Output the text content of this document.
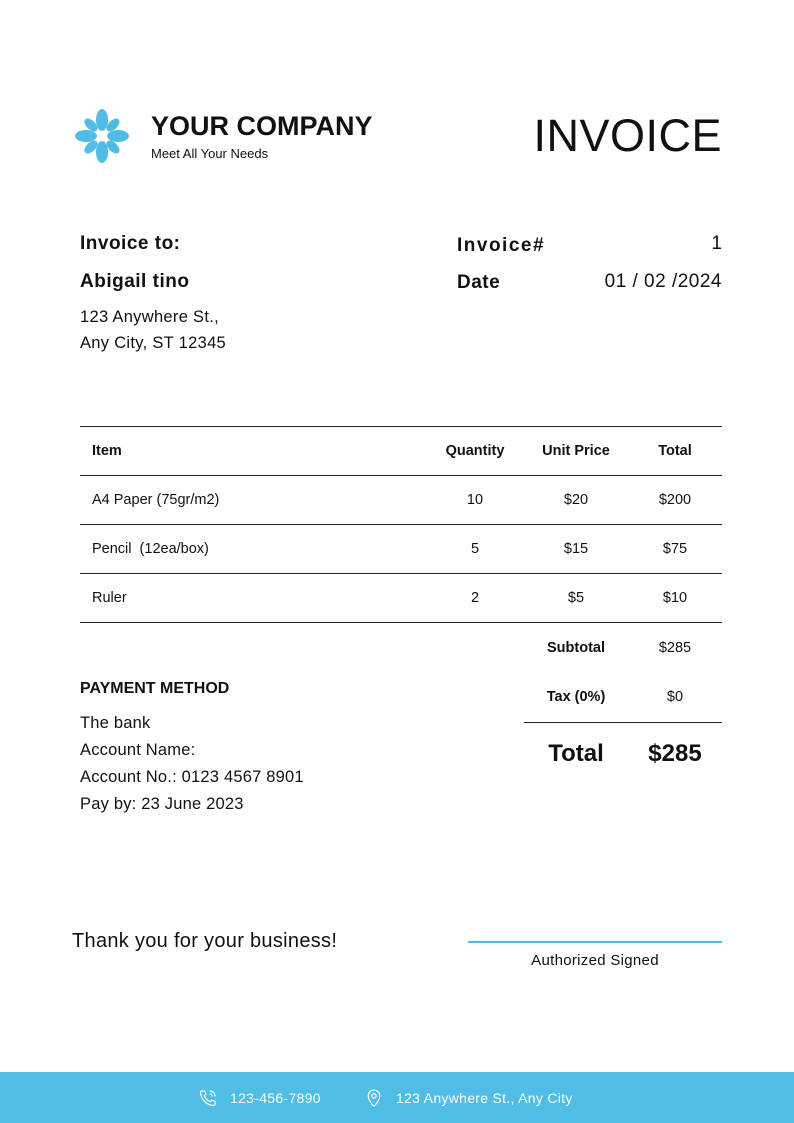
YOUR COMPANY
Meet All Your Needs	INVOICE
Invoice to:
Abigail tino
123 Anywhere St.,
Any City, ST 12345
Invoice#	1
Date	01 / 02 /2024
Item	Quantity	Unit Price	Total
A4 Paper (75gr/m2)	10	$20	$200
Pencil  (12ea/box)	5	$15	$75
Ruler	2	$5	$10
Subtotal	$285
Tax (0%)	$0
Total	$285
PAYMENT METHOD
The bank
Account Name:
Account No.: 0123 4567 8901
Pay by: 23 June 2023
Thank you for your business!
Authorized Signed
123-456-7890	123 Anywhere St., Any City
